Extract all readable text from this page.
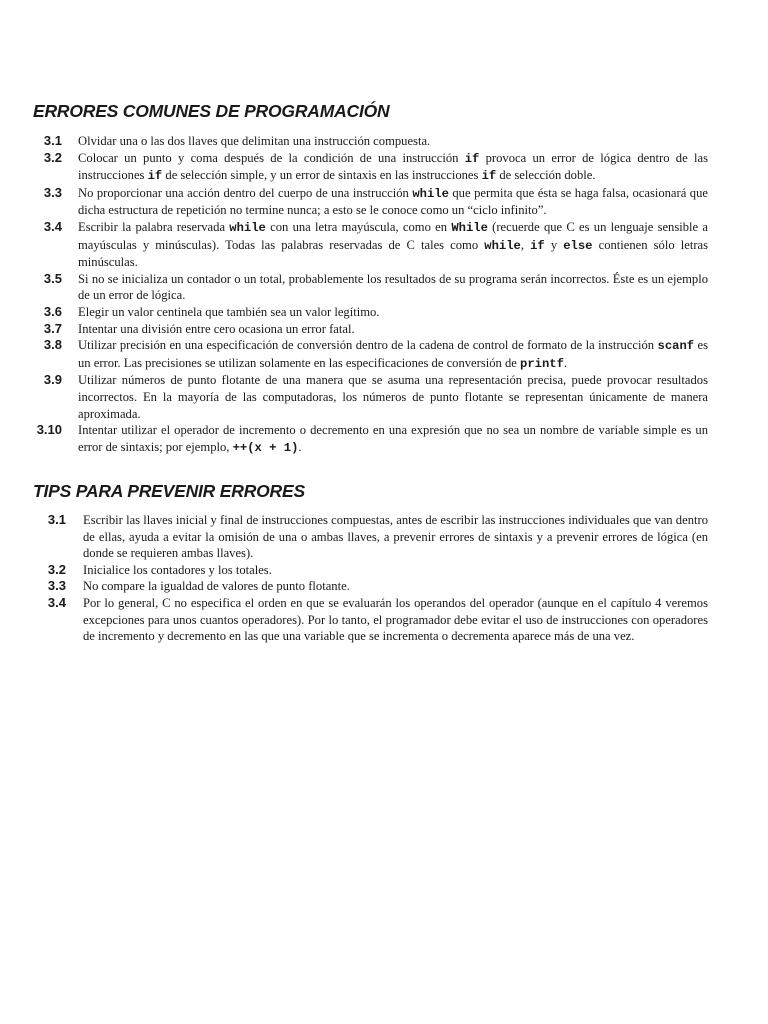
ERRORES COMUNES DE PROGRAMACIÓN
3.1 Olvidar una o las dos llaves que delimitan una instrucción compuesta.
3.2 Colocar un punto y coma después de la condición de una instrucción if provoca un error de lógica dentro de las instrucciones if de selección simple, y un error de sintaxis en las instrucciones if de selección doble.
3.3 No proporcionar una acción dentro del cuerpo de una instrucción while que permita que ésta se haga falsa, ocasionará que dicha estructura de repetición no termine nunca; a esto se le conoce como un “ciclo infinito”.
3.4 Escribir la palabra reservada while con una letra mayúscula, como en While (recuerde que C es un lenguaje sensible a mayúsculas y minúsculas). Todas las palabras reservadas de C tales como while, if y else contienen sólo letras minúsculas.
3.5 Si no se inicializa un contador o un total, probablemente los resultados de su programa serán incorrectos. Éste es un ejemplo de un error de lógica.
3.6 Elegir un valor centinela que también sea un valor legítimo.
3.7 Intentar una división entre cero ocasiona un error fatal.
3.8 Utilizar precisión en una especificación de conversión dentro de la cadena de control de formato de la instrucción scanf es un error. Las precisiones se utilizan solamente en las especificaciones de conversión de printf.
3.9 Utilizar números de punto flotante de una manera que se asuma una representación precisa, puede provocar resultados incorrectos. En la mayoría de las computadoras, los números de punto flotante se representan únicamente de manera aproximada.
3.10 Intentar utilizar el operador de incremento o decremento en una expresión que no sea un nombre de variable simple es un error de sintaxis; por ejemplo, ++(x + 1).
TIPS PARA PREVENIR ERRORES
3.1 Escribir las llaves inicial y final de instrucciones compuestas, antes de escribir las instrucciones individuales que van dentro de ellas, ayuda a evitar la omisión de una o ambas llaves, a prevenir errores de sintaxis y a prevenir errores de lógica (en donde se requieren ambas llaves).
3.2 Inicialice los contadores y los totales.
3.3 No compare la igualdad de valores de punto flotante.
3.4 Por lo general, C no especifica el orden en que se evaluarán los operandos del operador (aunque en el capítulo 4 veremos excepciones para unos cuantos operadores). Por lo tanto, el programador debe evitar el uso de instrucciones con operadores de incremento y decremento en las que una variable que se incrementa o decrementa aparece más de una vez.
